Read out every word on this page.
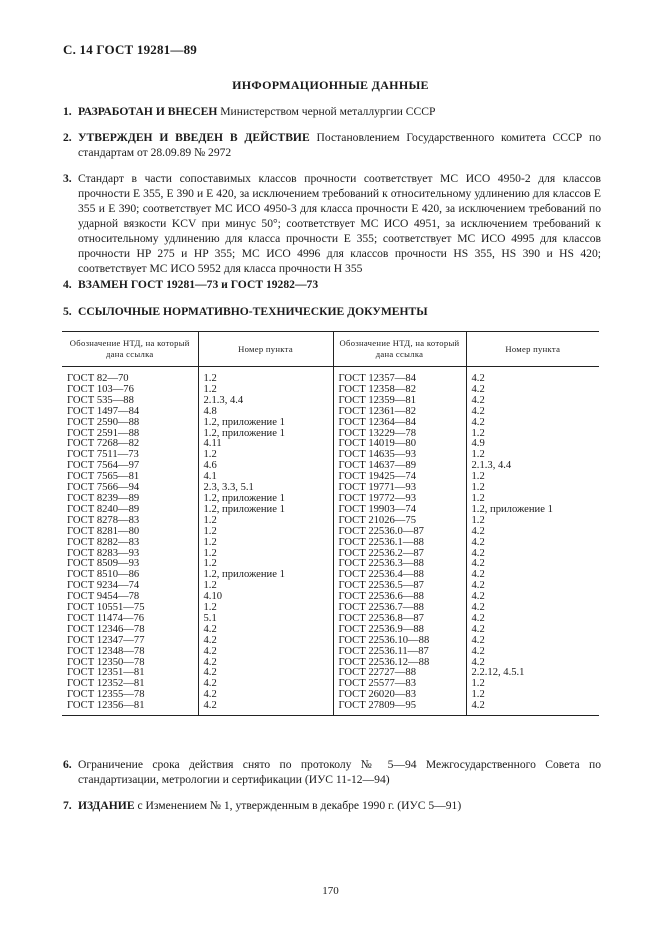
С. 14 ГОСТ 19281—89
ИНФОРМАЦИОННЫЕ ДАННЫЕ
1. РАЗРАБОТАН И ВНЕСЕН Министерством черной металлургии СССР
2. УТВЕРЖДЕН И ВВЕДЕН В ДЕЙСТВИЕ Постановлением Государственного комитета СССР по стандартам от 28.09.89 № 2972
3. Стандарт в части сопоставимых классов прочности соответствует МС ИСО 4950-2 для классов прочности Е 355, Е 390 и Е 420, за исключением требований к относительному удлинению для классов Е 355 и Е 390; соответствует МС ИСО 4950-3 для класса прочности Е 420, за исключением требований по ударной вязкости KCV при минус 50°; соответствует МС ИСО 4951, за исключением требований к относительному удлинению для класса прочности Е 355; соответствует МС ИСО 4995 для классов прочности HP 275 и HP 355; МС ИСО 4996 для классов прочности HS 355, HS 390 и HS 420; соответствует МС ИСО 5952 для класса прочности Н 355
4. ВЗАМЕН ГОСТ 19281—73 и ГОСТ 19282—73
5. ССЫЛОЧНЫЕ НОРМАТИВНО-ТЕХНИЧЕСКИЕ ДОКУМЕНТЫ
Обозначение НТД, на который дана ссылка	Номер пункта	Обозначение НТД, на который дана ссылка	Номер пункта
ГОСТ 82—70	1.2	ГОСТ 12357—84	4.2
ГОСТ 103—76	1.2	ГОСТ 12358—82	4.2
ГОСТ 535—88	2.1.3, 4.4	ГОСТ 12359—81	4.2
ГОСТ 1497—84	4.8	ГОСТ 12361—82	4.2
ГОСТ 2590—88	1.2, приложение 1	ГОСТ 12364—84	4.2
ГОСТ 2591—88	1.2, приложение 1	ГОСТ 13229—78	1.2
ГОСТ 7268—82	4.11	ГОСТ 14019—80	4.9
ГОСТ 7511—73	1.2	ГОСТ 14635—93	1.2
ГОСТ 7564—97	4.6	ГОСТ 14637—89	2.1.3, 4.4
ГОСТ 7565—81	4.1	ГОСТ 19425—74	1.2
ГОСТ 7566—94	2.3, 3.3, 5.1	ГОСТ 19771—93	1.2
ГОСТ 8239—89	1.2, приложение 1	ГОСТ 19772—93	1.2
ГОСТ 8240—89	1.2, приложение 1	ГОСТ 19903—74	1.2, приложение 1
ГОСТ 8278—83	1.2	ГОСТ 21026—75	1.2
ГОСТ 8281—80	1.2	ГОСТ 22536.0—87	4.2
ГОСТ 8282—83	1.2	ГОСТ 22536.1—88	4.2
ГОСТ 8283—93	1.2	ГОСТ 22536.2—87	4.2
ГОСТ 8509—93	1.2	ГОСТ 22536.3—88	4.2
ГОСТ 8510—86	1.2, приложение 1	ГОСТ 22536.4—88	4.2
ГОСТ 9234—74	1.2	ГОСТ 22536.5—87	4.2
ГОСТ 9454—78	4.10	ГОСТ 22536.6—88	4.2
ГОСТ 10551—75	1.2	ГОСТ 22536.7—88	4.2
ГОСТ 11474—76	5.1	ГОСТ 22536.8—87	4.2
ГОСТ 12346—78	4.2	ГОСТ 22536.9—88	4.2
ГОСТ 12347—77	4.2	ГОСТ 22536.10—88	4.2
ГОСТ 12348—78	4.2	ГОСТ 22536.11—87	4.2
ГОСТ 12350—78	4.2	ГОСТ 22536.12—88	4.2
ГОСТ 12351—81	4.2	ГОСТ 22727—88	2.2.12, 4.5.1
ГОСТ 12352—81	4.2	ГОСТ 25577—83	1.2
ГОСТ 12355—78	4.2	ГОСТ 26020—83	1.2
ГОСТ 12356—81	4.2	ГОСТ 27809—95	4.2
6. Ограничение срока действия снято по протоколу № 5—94 Межгосударственного Совета по стандартизации, метрологии и сертификации (ИУС 11-12—94)
7. ИЗДАНИЕ с Изменением № 1, утвержденным в декабре 1990 г. (ИУС 5—91)
170
